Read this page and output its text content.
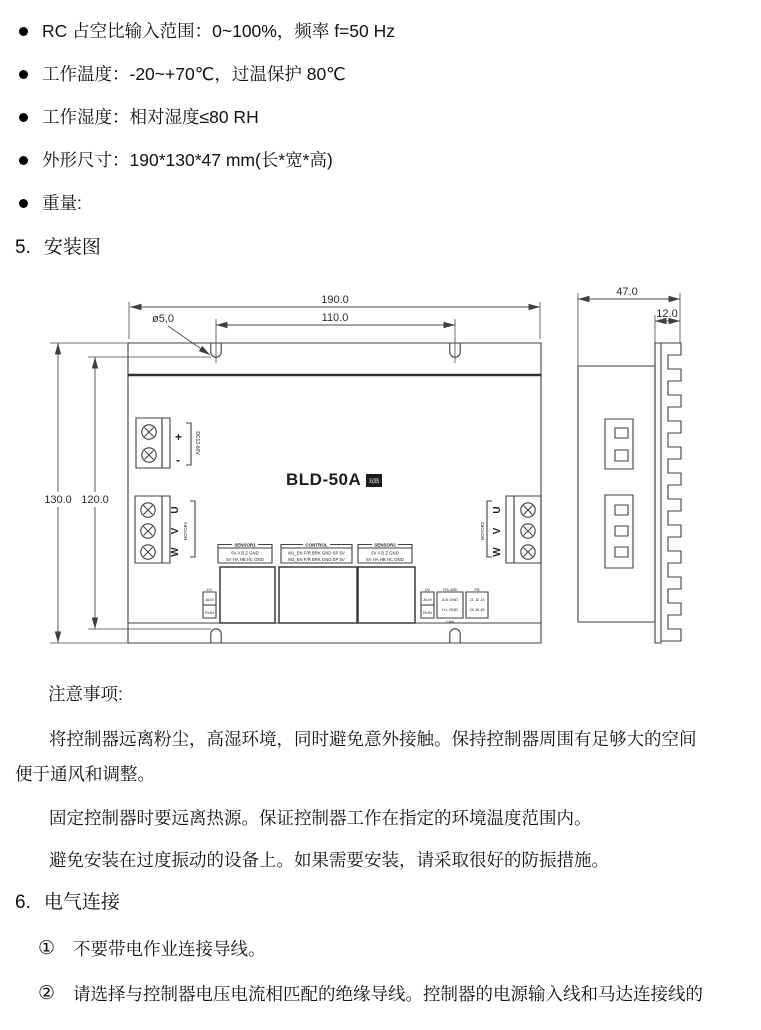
RC 占空比输入范围：0~100%，频率 f=50 Hz
工作温度：-20~+70℃，过温保护 80℃
工作湿度：相对湿度≤80 RH
外形尺寸：190*130*47 mm(长*宽*高)
重量:
5. 安装图
190.0
110.0
ø5,0
130.0 120.0
BLD-50A 双路
+
-
DC12-60V
U
V
W
MOTOR1	MOTOR2
U
V
W
SENSOR1
5V A B Z GND
5V HA HB HC GND
CONTROL
M1_EN F/R BRK GND SP 5V
M2_EN F/R BRK GND SP 5V
SENSOR2
5V A B Z GND
5V HA HB HC GND
D1
ALM
RUN
D2
ALM
RUN
RS-485
A B GND
H L GND
CAN
FB
J1 J2 J3
J4 J5 J6
47.0
12.0
注意事项:

将控制器远离粉尘，高湿环境，同时避免意外接触。保持控制器周围有足够大的空间便于通风和调整。

固定控制器时要远离热源。保证控制器工作在指定的环境温度范围内。

避免安装在过度振动的设备上。如果需要安装，请采取很好的防振措施。

6. 电气连接
① 不要带电作业连接导线。
② 请选择与控制器电压电流相匹配的绝缘导线。控制器的电源输入线和马达连接线的
